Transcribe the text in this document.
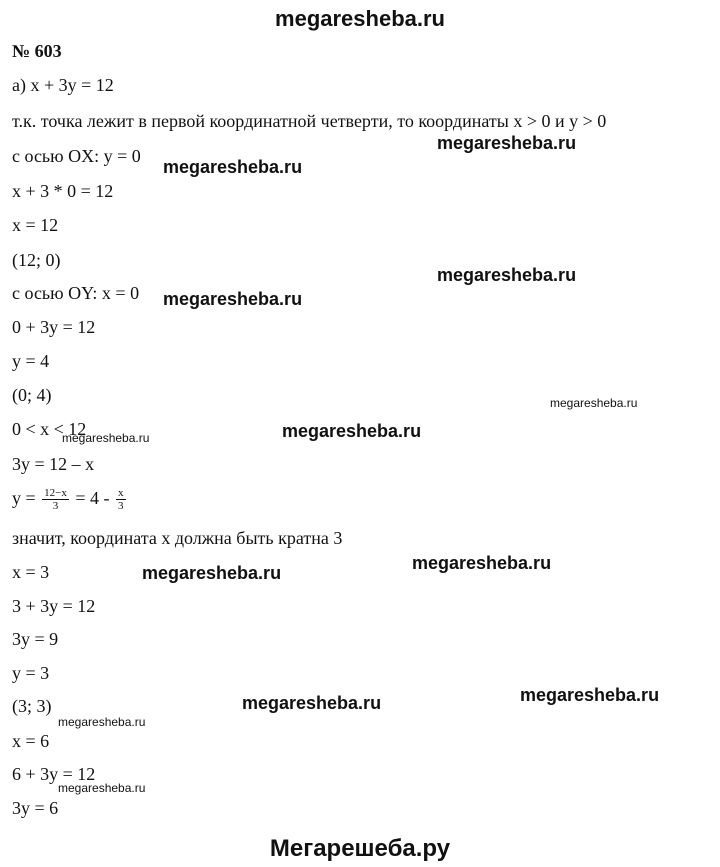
megaresheba.ru
№ 603
а) x + 3y = 12
т.к. точка лежит в первой координатной четверти, то координаты x > 0 и y > 0
с осью OX: y = 0
x + 3 * 0 = 12
x = 12
(12; 0)
с осью OY: x = 0
0 + 3y = 12
y = 4
(0; 4)
0 < x < 12
3y = 12 – x
$y = \frac{12-x}{3} = 4 - \frac{x}{3}$
значит, координата x должна быть кратна 3
x = 3
3 + 3y = 12
3y = 9
y = 3
(3; 3)
x = 6
6 + 3y = 12
3y = 6
megaresheba.ru
megaresheba.ru
megaresheba.ru
megaresheba.ru
megaresheba.ru
megaresheba.ru
megaresheba.ru
megaresheba.ru
megaresheba.ru
megaresheba.ru
megaresheba.ru
megaresheba.ru
megaresheba.ru
Мегарешеба.ру
